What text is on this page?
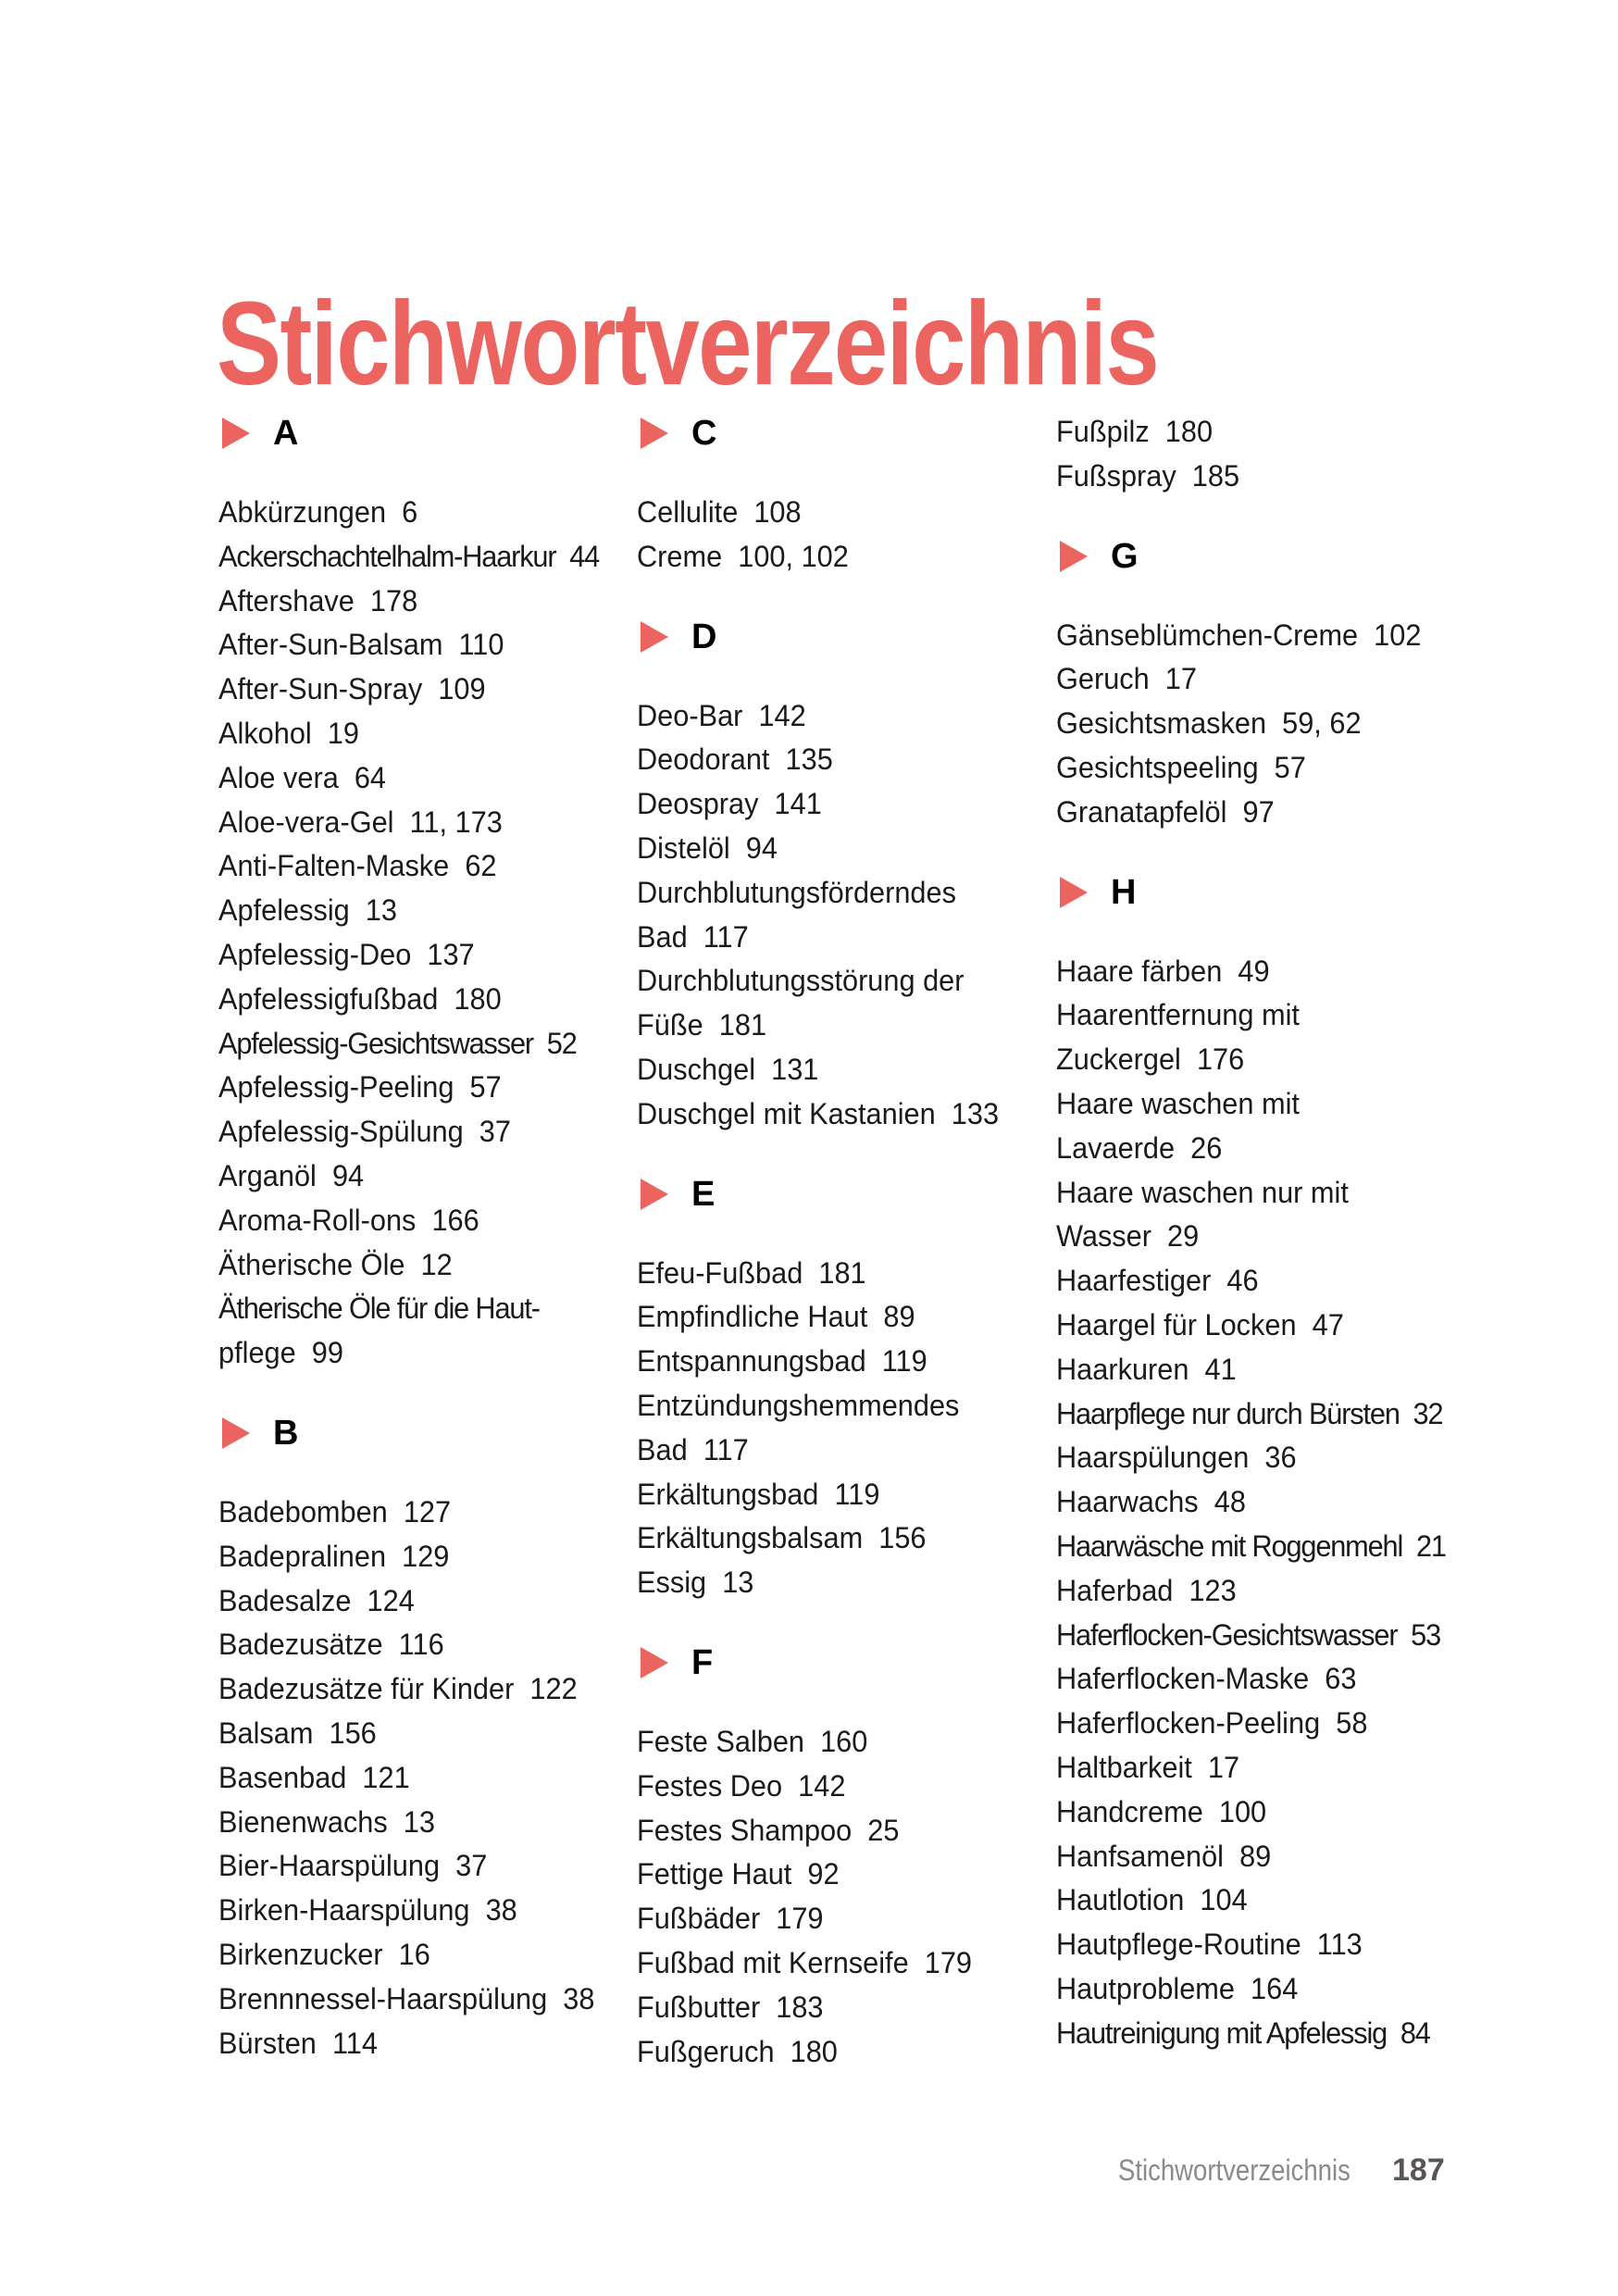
Stichwortverzeichnis
A
Abkürzungen 6
Ackerschachtelhalm-Haarkur 44
Aftershave 178
After-Sun-Balsam 110
After-Sun-Spray 109
Alkohol 19
Aloe vera 64
Aloe-vera-Gel 11, 173
Anti-Falten-Maske 62
Apfelessig 13
Apfelessig-Deo 137
Apfelessigfußbad 180
Apfelessig-Gesichtswasser 52
Apfelessig-Peeling 57
Apfelessig-Spülung 37
Arganöl 94
Aroma-Roll-ons 166
Ätherische Öle 12
Ätherische Öle für die Haut-
pflege 99
B
Badebomben 127
Badepralinen 129
Badesalze 124
Badezusätze 116
Badezusätze für Kinder 122
Balsam 156
Basenbad 121
Bienenwachs 13
Bier-Haarspülung 37
Birken-Haarspülung 38
Birkenzucker 16
Brennnessel-Haarspülung 38
Bürsten 114
C
Cellulite 108
Creme 100, 102
D
Deo-Bar 142
Deodorant 135
Deospray 141
Distelöl 94
Durchblutungsförderndes
Bad 117
Durchblutungsstörung der
Füße 181
Duschgel 131
Duschgel mit Kastanien 133
E
Efeu-Fußbad 181
Empfindliche Haut 89
Entspannungsbad 119
Entzündungshemmendes
Bad 117
Erkältungsbad 119
Erkältungsbalsam 156
Essig 13
F
Feste Salben 160
Festes Deo 142
Festes Shampoo 25
Fettige Haut 92
Fußbäder 179
Fußbad mit Kernseife 179
Fußbutter 183
Fußgeruch 180
Fußpilz 180
Fußspray 185
G
Gänseblümchen-Creme 102
Geruch 17
Gesichtsmasken 59, 62
Gesichtspeeling 57
Granatapfelöl 97
H
Haare färben 49
Haarentfernung mit
Zuckergel 176
Haare waschen mit
Lavaerde 26
Haare waschen nur mit
Wasser 29
Haarfestiger 46
Haargel für Locken 47
Haarkuren 41
Haarpflege nur durch Bürsten 32
Haarspülungen 36
Haarwachs 48
Haarwäsche mit Roggenmehl 21
Haferbad 123
Haferflocken-Gesichtswasser 53
Haferflocken-Maske 63
Haferflocken-Peeling 58
Haltbarkeit 17
Handcreme 100
Hanfsamenöl 89
Hautlotion 104
Hautpflege-Routine 113
Hautprobleme 164
Hautreinigung mit Apfelessig 84
Stichwortverzeichnis 187
